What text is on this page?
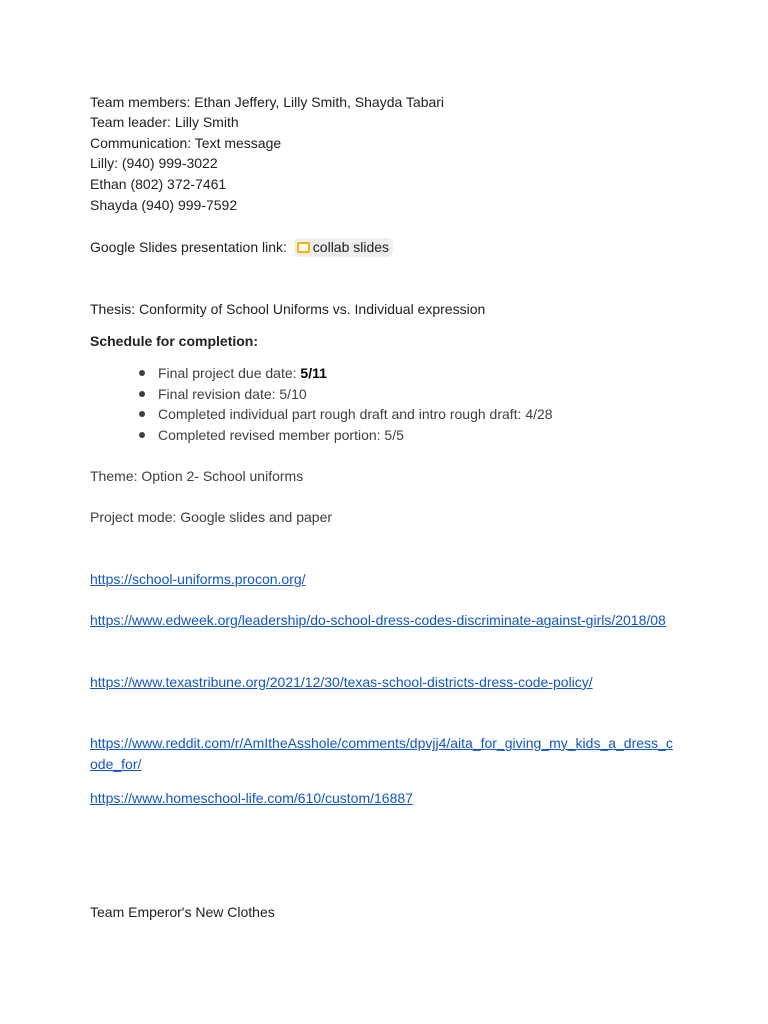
Team members: Ethan Jeffery, Lilly Smith, Shayda Tabari
Team leader: Lilly Smith
Communication: Text message
Lilly: (940) 999-3022
Ethan (802) 372-7461
Shayda (940) 999-7592
Google Slides presentation link: collab slides
Thesis: Conformity of School Uniforms vs. Individual expression
Schedule for completion:
Final project due date: 5/11
Final revision date: 5/10
Completed individual part rough draft and intro rough draft: 4/28
Completed revised member portion: 5/5
Theme: Option 2- School uniforms
Project mode: Google slides and paper
https://school-uniforms.procon.org/
https://www.edweek.org/leadership/do-school-dress-codes-discriminate-against-girls/2018/08
https://www.texastribune.org/2021/12/30/texas-school-districts-dress-code-policy/
https://www.reddit.com/r/AmItheAsshole/comments/dpvjj4/aita_for_giving_my_kids_a_dress_code_for/
https://www.homeschool-life.com/610/custom/16887
Team Emperor's New Clothes
